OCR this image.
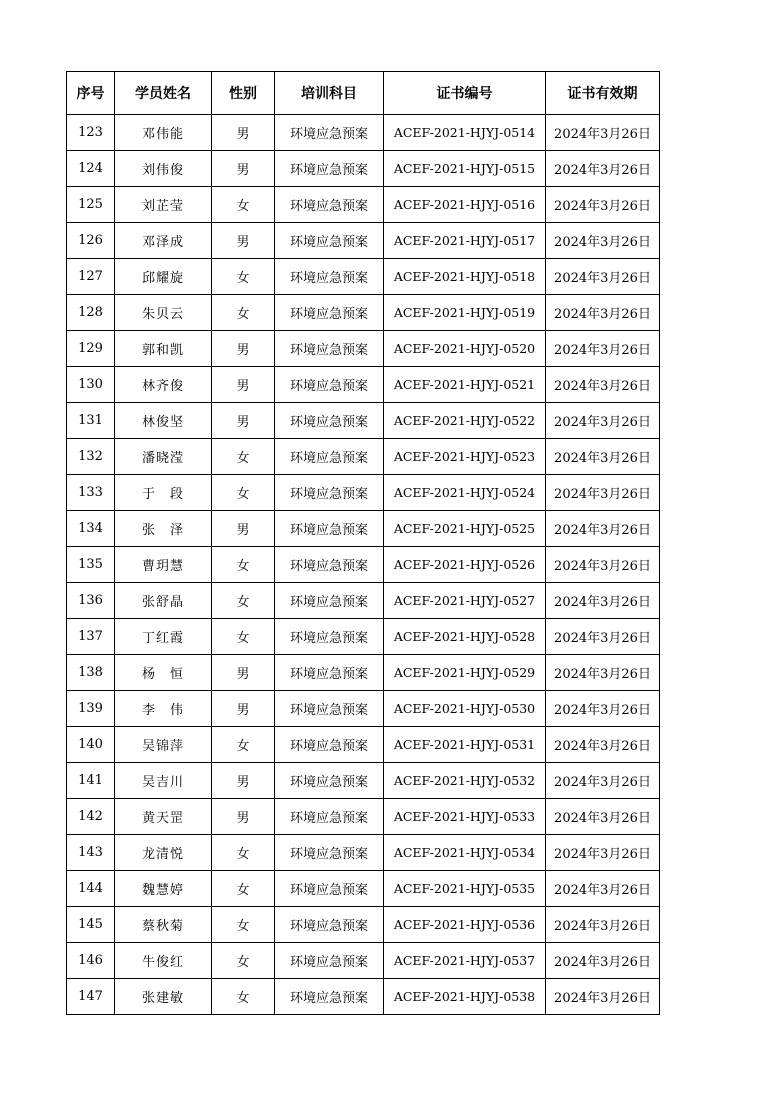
序号	学员姓名	性别	培训科目	证书编号	证书有效期
123	邓伟能	男	环境应急预案	ACEF-2021-HJYJ-0514	2024年3月26日
124	刘伟俊	男	环境应急预案	ACEF-2021-HJYJ-0515	2024年3月26日
125	刘芷莹	女	环境应急预案	ACEF-2021-HJYJ-0516	2024年3月26日
126	邓泽成	男	环境应急预案	ACEF-2021-HJYJ-0517	2024年3月26日
127	邱耀旋	女	环境应急预案	ACEF-2021-HJYJ-0518	2024年3月26日
128	朱贝云	女	环境应急预案	ACEF-2021-HJYJ-0519	2024年3月26日
129	郭和凯	男	环境应急预案	ACEF-2021-HJYJ-0520	2024年3月26日
130	林齐俊	男	环境应急预案	ACEF-2021-HJYJ-0521	2024年3月26日
131	林俊坚	男	环境应急预案	ACEF-2021-HJYJ-0522	2024年3月26日
132	潘晓滢	女	环境应急预案	ACEF-2021-HJYJ-0523	2024年3月26日
133	于　段	女	环境应急预案	ACEF-2021-HJYJ-0524	2024年3月26日
134	张　泽	男	环境应急预案	ACEF-2021-HJYJ-0525	2024年3月26日
135	曹玥慧	女	环境应急预案	ACEF-2021-HJYJ-0526	2024年3月26日
136	张舒晶	女	环境应急预案	ACEF-2021-HJYJ-0527	2024年3月26日
137	丁红霞	女	环境应急预案	ACEF-2021-HJYJ-0528	2024年3月26日
138	杨　恒	男	环境应急预案	ACEF-2021-HJYJ-0529	2024年3月26日
139	李　伟	男	环境应急预案	ACEF-2021-HJYJ-0530	2024年3月26日
140	吴锦萍	女	环境应急预案	ACEF-2021-HJYJ-0531	2024年3月26日
141	吴吉川	男	环境应急预案	ACEF-2021-HJYJ-0532	2024年3月26日
142	黄天罡	男	环境应急预案	ACEF-2021-HJYJ-0533	2024年3月26日
143	龙清悦	女	环境应急预案	ACEF-2021-HJYJ-0534	2024年3月26日
144	魏慧婷	女	环境应急预案	ACEF-2021-HJYJ-0535	2024年3月26日
145	蔡秋菊	女	环境应急预案	ACEF-2021-HJYJ-0536	2024年3月26日
146	牛俊红	女	环境应急预案	ACEF-2021-HJYJ-0537	2024年3月26日
147	张建敏	女	环境应急预案	ACEF-2021-HJYJ-0538	2024年3月26日
